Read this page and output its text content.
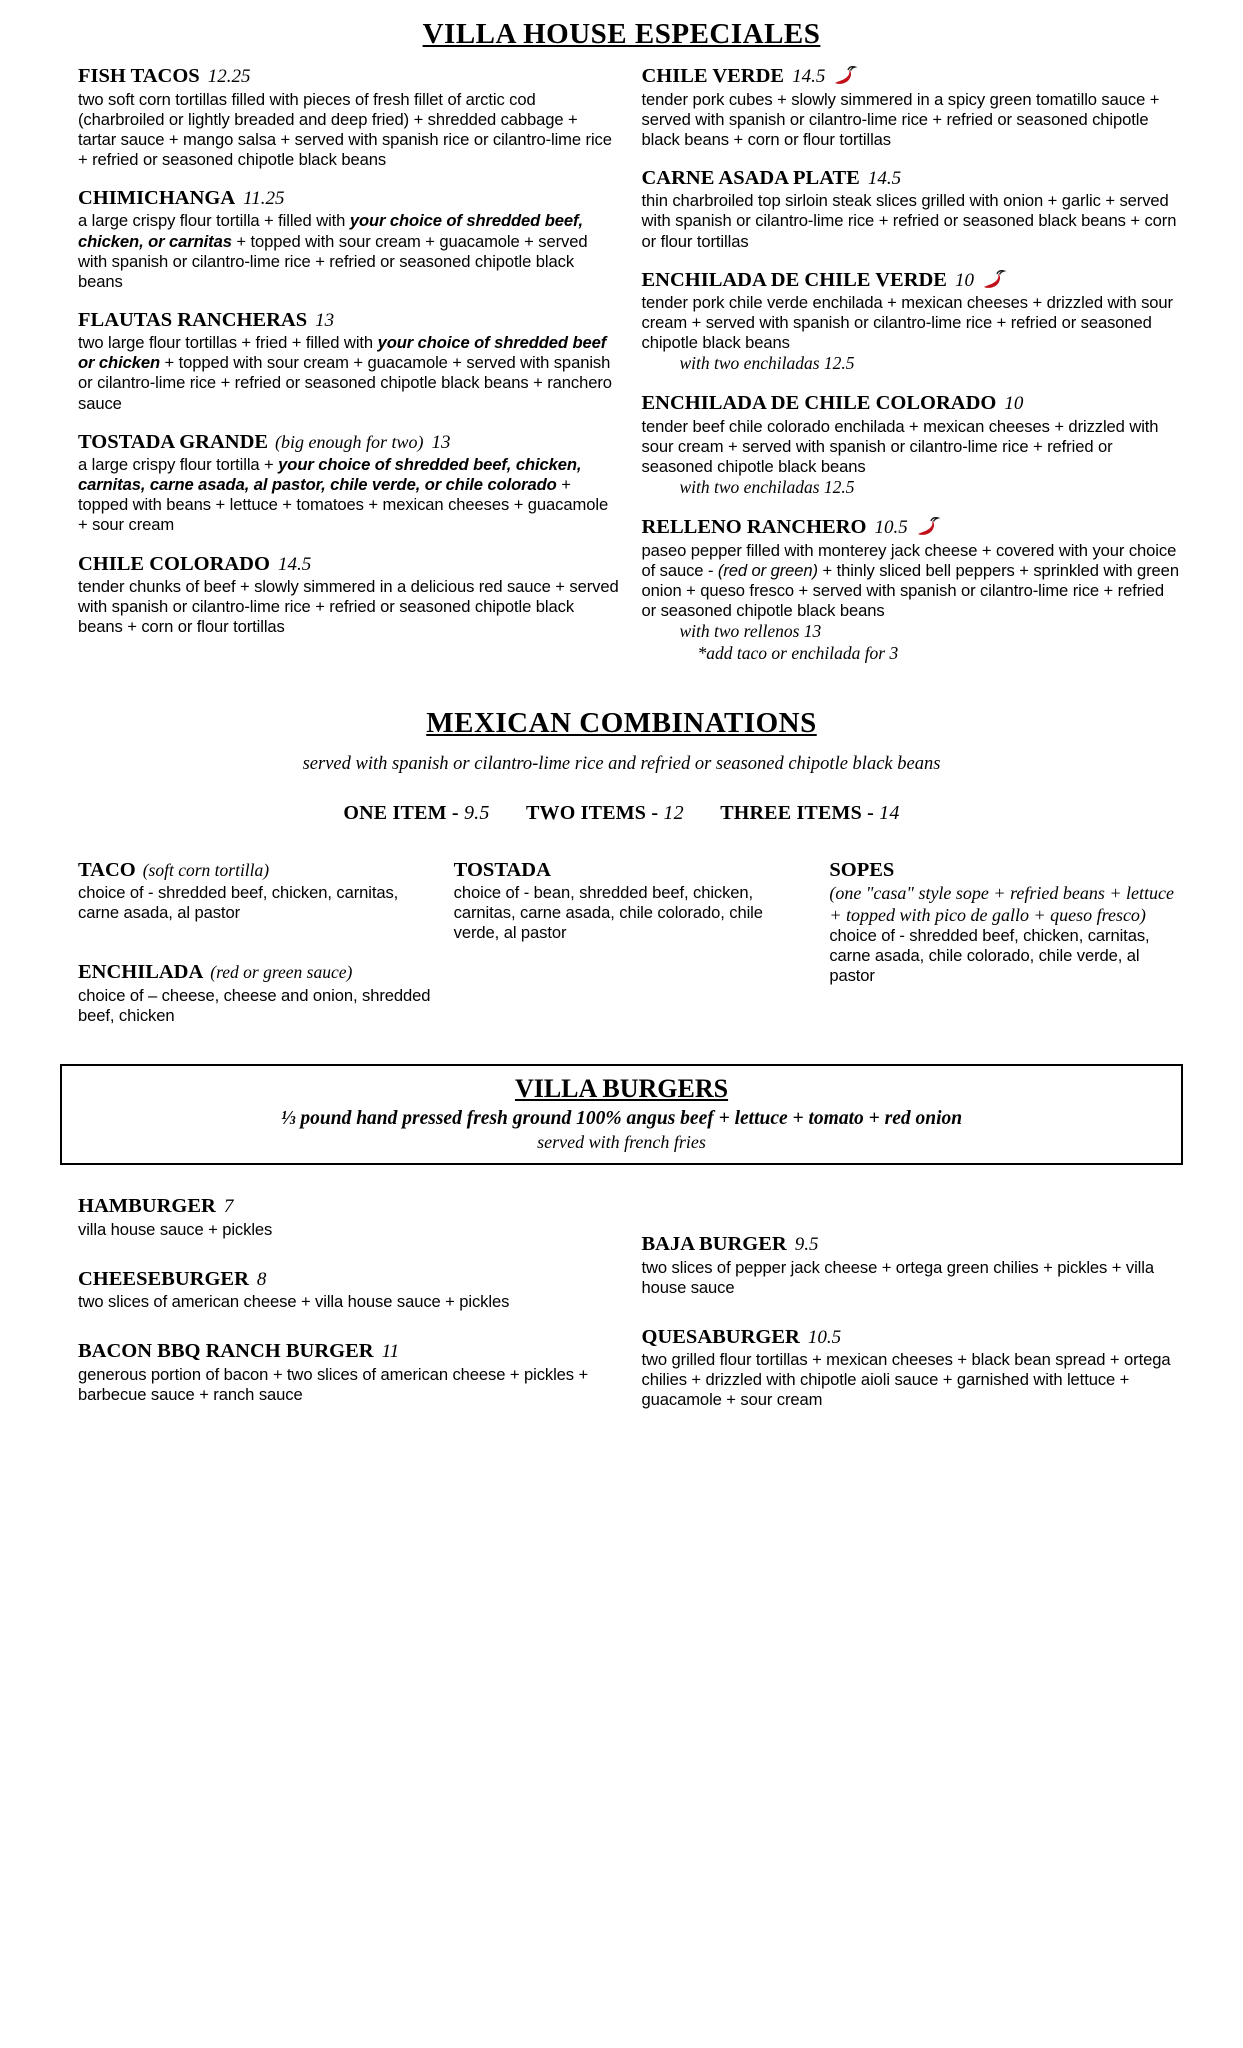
VILLA HOUSE ESPECIALES
FISH TACOS 12.25
two soft corn tortillas filled with pieces of fresh fillet of arctic cod (charbroiled or lightly breaded and deep fried) + shredded cabbage + tartar sauce + mango salsa + served with spanish rice or cilantro-lime rice + refried or seasoned chipotle black beans
CHIMICHANGA 11.25
a large crispy flour tortilla + filled with your choice of shredded beef, chicken, or carnitas + topped with sour cream + guacamole + served with spanish or cilantro-lime rice + refried or seasoned chipotle black beans
FLAUTAS RANCHERAS 13
two large flour tortillas + fried + filled with your choice of shredded beef or chicken + topped with sour cream + guacamole + served with spanish or cilantro-lime rice + refried or seasoned chipotle black beans + ranchero sauce
TOSTADA GRANDE (big enough for two) 13
a large crispy flour tortilla + your choice of shredded beef, chicken, carnitas, carne asada, al pastor, chile verde, or chile colorado + topped with beans + lettuce + tomatoes + mexican cheeses + guacamole + sour cream
CHILE COLORADO 14.5
tender chunks of beef + slowly simmered in a delicious red sauce + served with spanish or cilantro-lime rice + refried or seasoned chipotle black beans + corn or flour tortillas
CHILE VERDE 14.5
tender pork cubes + slowly simmered in a spicy green tomatillo sauce + served with spanish or cilantro-lime rice + refried or seasoned chipotle black beans + corn or flour tortillas
CARNE ASADA PLATE 14.5
thin charbroiled top sirloin steak slices grilled with onion + garlic + served with spanish or cilantro-lime rice + refried or seasoned black beans + corn or flour tortillas
ENCHILADA DE CHILE VERDE 10
tender pork chile verde enchilada + mexican cheeses + drizzled with sour cream + served with spanish or cilantro-lime rice + refried or seasoned chipotle black beans
with two enchiladas 12.5
ENCHILADA DE CHILE COLORADO 10
tender beef chile colorado enchilada + mexican cheeses + drizzled with sour cream + served with spanish or cilantro-lime rice + refried or seasoned chipotle black beans
with two enchiladas 12.5
RELLENO RANCHERO 10.5
paseo pepper filled with monterey jack cheese + covered with your choice of sauce - (red or green) + thinly sliced bell peppers + sprinkled with green onion + queso fresco + served with spanish or cilantro-lime rice + refried or seasoned chipotle black beans
with two rellenos 13
*add taco or enchilada for 3
MEXICAN COMBINATIONS
served with spanish or cilantro-lime rice and refried or seasoned chipotle black beans
ONE ITEM - 9.5 TWO ITEMS - 12 THREE ITEMS - 14
TACO (soft corn tortilla)
choice of - shredded beef, chicken, carnitas, carne asada, al pastor
ENCHILADA (red or green sauce)
choice of – cheese, cheese and onion, shredded beef, chicken
TOSTADA
choice of - bean, shredded beef, chicken, carnitas, carne asada, chile colorado, chile verde, al pastor
SOPES
(one "casa" style sope + refried beans + lettuce + topped with pico de gallo + queso fresco)
choice of - shredded beef, chicken, carnitas, carne asada, chile colorado, chile verde, al pastor
VILLA BURGERS
⅓ pound hand pressed fresh ground 100% angus beef + lettuce + tomato + red onion
served with french fries
HAMBURGER 7
villa house sauce + pickles
CHEESEBURGER 8
two slices of american cheese + villa house sauce + pickles
BACON BBQ RANCH BURGER 11
generous portion of bacon + two slices of american cheese + pickles + barbecue sauce + ranch sauce
BAJA BURGER 9.5
two slices of pepper jack cheese + ortega green chilies + pickles + villa house sauce
QUESABURGER 10.5
two grilled flour tortillas + mexican cheeses + black bean spread + ortega chilies + drizzled with chipotle aioli sauce + garnished with lettuce + guacamole + sour cream
